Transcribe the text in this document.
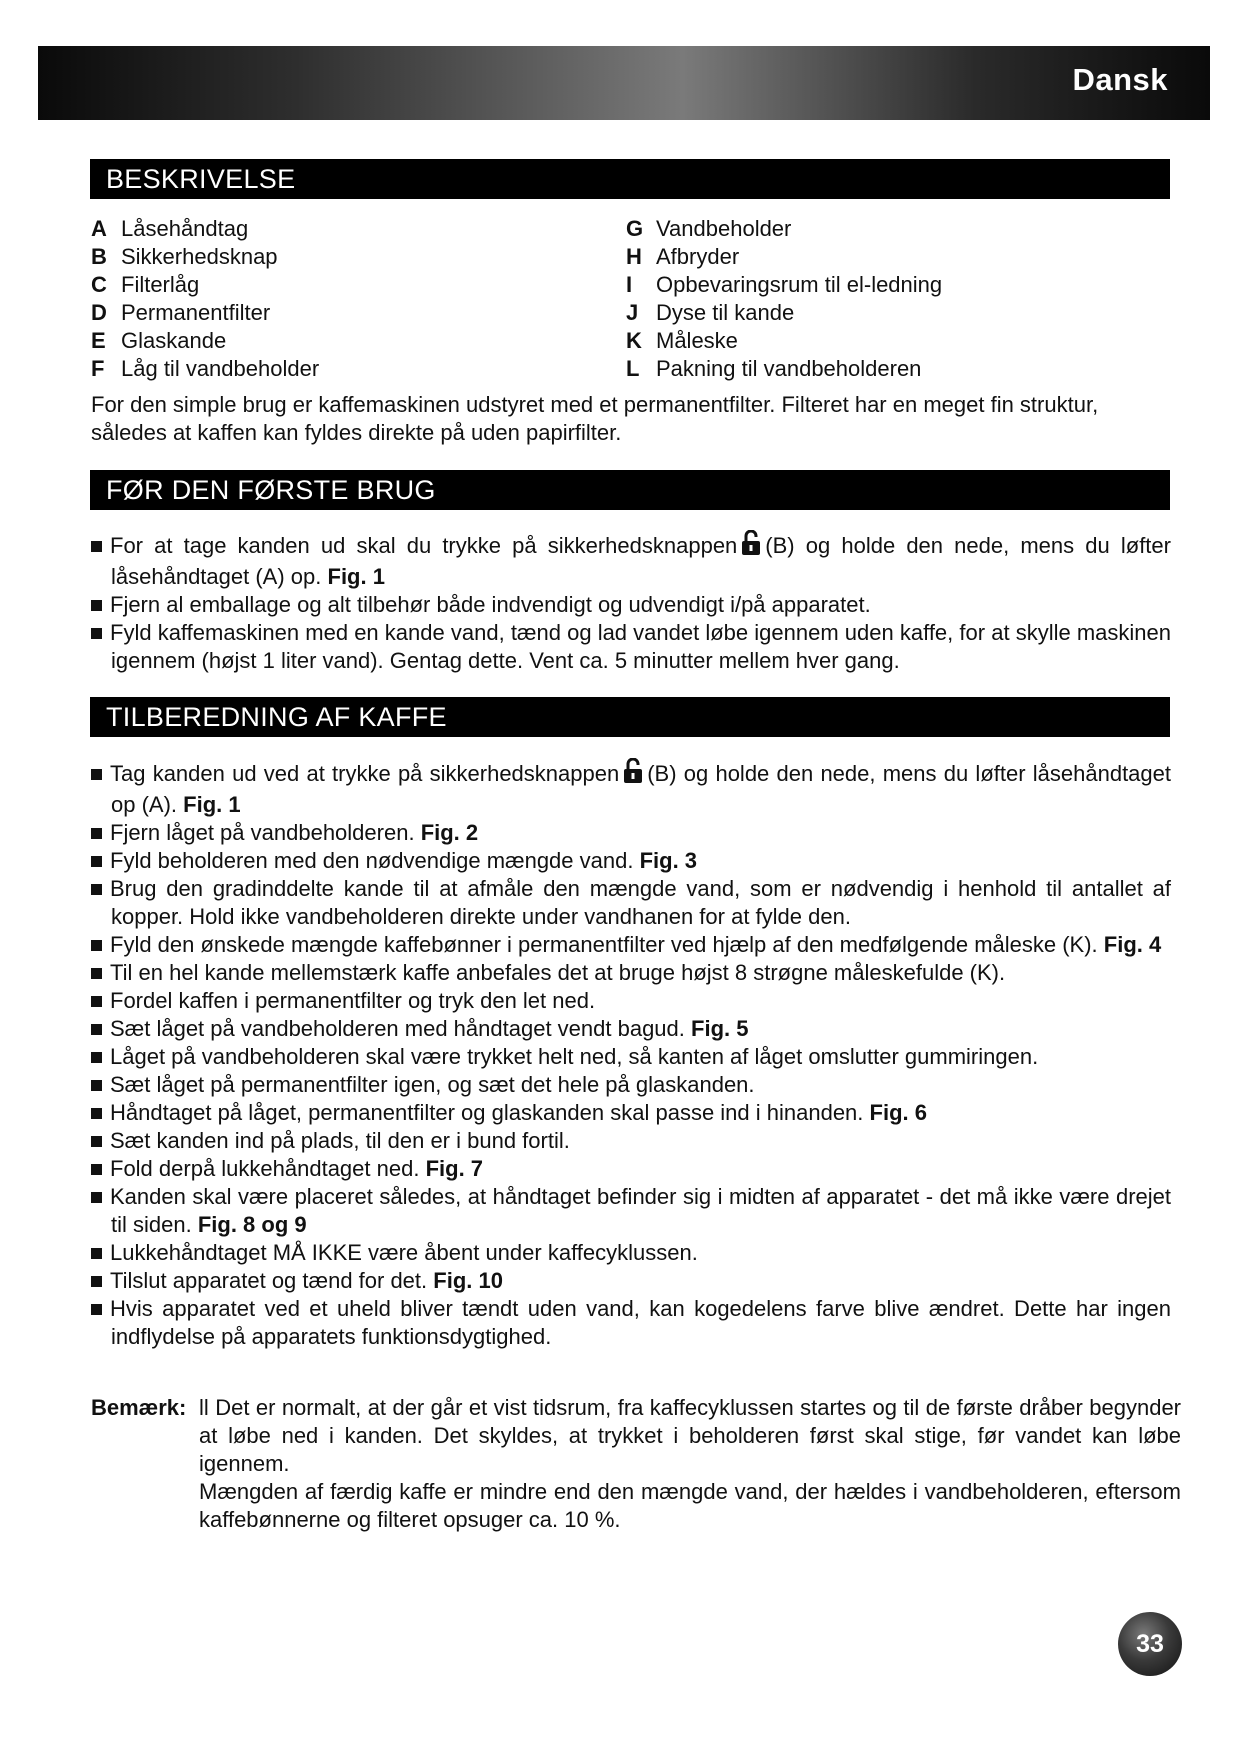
Dansk
BESKRIVELSE
A Låsehåndtag
B Sikkerhedsknap
C Filterlåg
D Permanentfilter
E Glaskande
F Låg til vandbeholder
G Vandbeholder
H Afbryder
I	Opbevaringsrum til el-ledning
J Dyse til kande
K Måleske
L Pakning til vandbeholderen
For den simple brug er kaffemaskinen udstyret med et permanentfilter. Filteret har en meget fin struktur, således at kaffen kan fyldes direkte på uden papirfilter.
FØR DEN FØRSTE BRUG
For at tage kanden ud skal du trykke på sikkerhedsknappen (B) og holde den nede, mens du løfter låsehåndtaget (A) op. Fig. 1
Fjern al emballage og alt tilbehør både indvendigt og udvendigt i/på apparatet.
Fyld kaffemaskinen med en kande vand, tænd og lad vandet løbe igennem uden kaffe, for at skylle maskinen igennem (højst 1 liter vand). Gentag dette. Vent ca. 5 minutter mellem hver gang.
TILBEREDNING AF KAFFE
Tag kanden ud ved at trykke på sikkerhedsknappen (B) og holde den nede, mens du løfter låsehåndtaget op (A). Fig. 1
Fjern låget på vandbeholderen. Fig. 2
Fyld beholderen med den nødvendige mængde vand. Fig. 3
Brug den gradinddelte kande til at afmåle den mængde vand, som er nødvendig i henhold til antallet af kopper. Hold ikke vandbeholderen direkte under vandhanen for at fylde den.
Fyld den ønskede mængde kaffebønner i permanentfilter ved hjælp af den medfølgende måleske (K). Fig. 4
Til en hel kande mellemstærk kaffe anbefales det at bruge højst 8 strøgne måleskefulde (K).
Fordel kaffen i permanentfilter og tryk den let ned.
Sæt låget på vandbeholderen med håndtaget vendt bagud. Fig. 5
Låget på vandbeholderen skal være trykket helt ned, så kanten af låget omslutter gummiringen.
Sæt låget på permanentfilter igen, og sæt det hele på glaskanden.
Håndtaget på låget, permanentfilter og glaskanden skal passe ind i hinanden. Fig. 6
Sæt kanden ind på plads, til den er i bund fortil.
Fold derpå lukkehåndtaget ned. Fig. 7
Kanden skal være placeret således, at håndtaget befinder sig i midten af apparatet - det må ikke være drejet til siden. Fig. 8 og 9
Lukkehåndtaget MÅ IKKE være åbent under kaffecyklussen.
Tilslut apparatet og tænd for det. Fig. 10
Hvis apparatet ved et uheld bliver tændt uden vand, kan kogedelens farve blive ændret. Dette har ingen indflydelse på apparatets funktionsdygtighed.
Bemærk: ll Det er normalt, at der går et vist tidsrum, fra kaffecyklussen startes og til de første dråber begynder at løbe ned i kanden. Det skyldes, at trykket i beholderen først skal stige, før vandet kan løbe igennem.

Mængden af færdig kaffe er mindre end den mængde vand, der hældes i vandbeholderen, eftersom kaffebønnerne og filteret opsuger ca. 10 %.

33
